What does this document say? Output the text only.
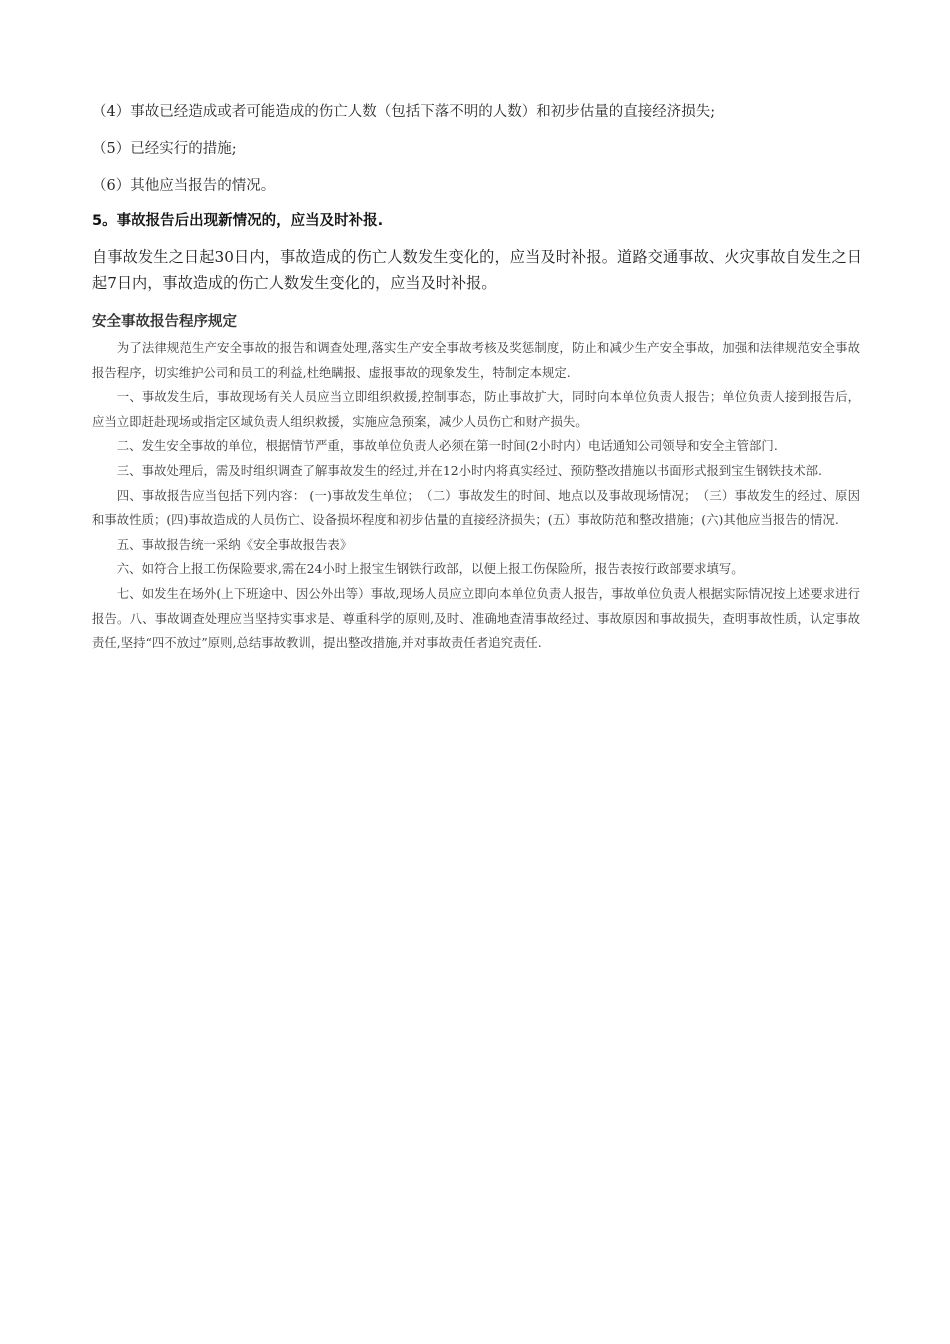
（4）事故已经造成或者可能造成的伤亡人数（包括下落不明的人数）和初步估量的直接经济损失;
（5）已经实行的措施;
（6）其他应当报告的情况。
5。事故报告后出现新情况的，应当及时补报.
自事故发生之日起30日内，事故造成的伤亡人数发生变化的，应当及时补报。道路交通事故、火灾事故自发生之日起7日内，事故造成的伤亡人数发生变化的，应当及时补报。
安全事故报告程序规定

为了法律规范生产安全事故的报告和调查处理,落实生产安全事故考核及奖惩制度，防止和减少生产安全事故，加强和法律规范安全事故报告程序，切实维护公司和员工的利益,杜绝瞒报、虚报事故的现象发生，特制定本规定.

一、事故发生后，事故现场有关人员应当立即组织救援,控制事态，防止事故扩大，同时向本单位负责人报告；单位负责人接到报告后，应当立即赶赴现场或指定区域负责人组织救援，实施应急预案，减少人员伤亡和财产损失。

二、发生安全事故的单位，根据情节严重，事故单位负责人必须在第一时间(2小时内）电话通知公司领导和安全主管部门.

三、事故处理后，需及时组织调查了解事故发生的经过,并在12小时内将真实经过、预防整改措施以书面形式报到宝生钢铁技术部.

四、事故报告应当包括下列内容： (一)事故发生单位；　（二）事故发生的时间、地点以及事故现场情况；　（三）事故发生的经过、原因和事故性质；(四)事故造成的人员伤亡、设备损坏程度和初步估量的直接经济损失；(五）事故防范和整改措施；(六)其他应当报告的情况.

五、事故报告统一采纳《安全事故报告表》

六、如符合上报工伤保险要求,需在24小时上报宝生钢铁行政部，以便上报工伤保险所，报告表按行政部要求填写。

七、如发生在场外(上下班途中、因公外出等）事故,现场人员应立即向本单位负责人报告，事故单位负责人根据实际情况按上述要求进行报告。八、事故调查处理应当坚持实事求是、尊重科学的原则,及时、准确地查清事故经过、事故原因和事故损失，查明事故性质，认定事故责任,坚持“四不放过”原则,总结事故教训，提出整改措施,并对事故责任者追究责任.
